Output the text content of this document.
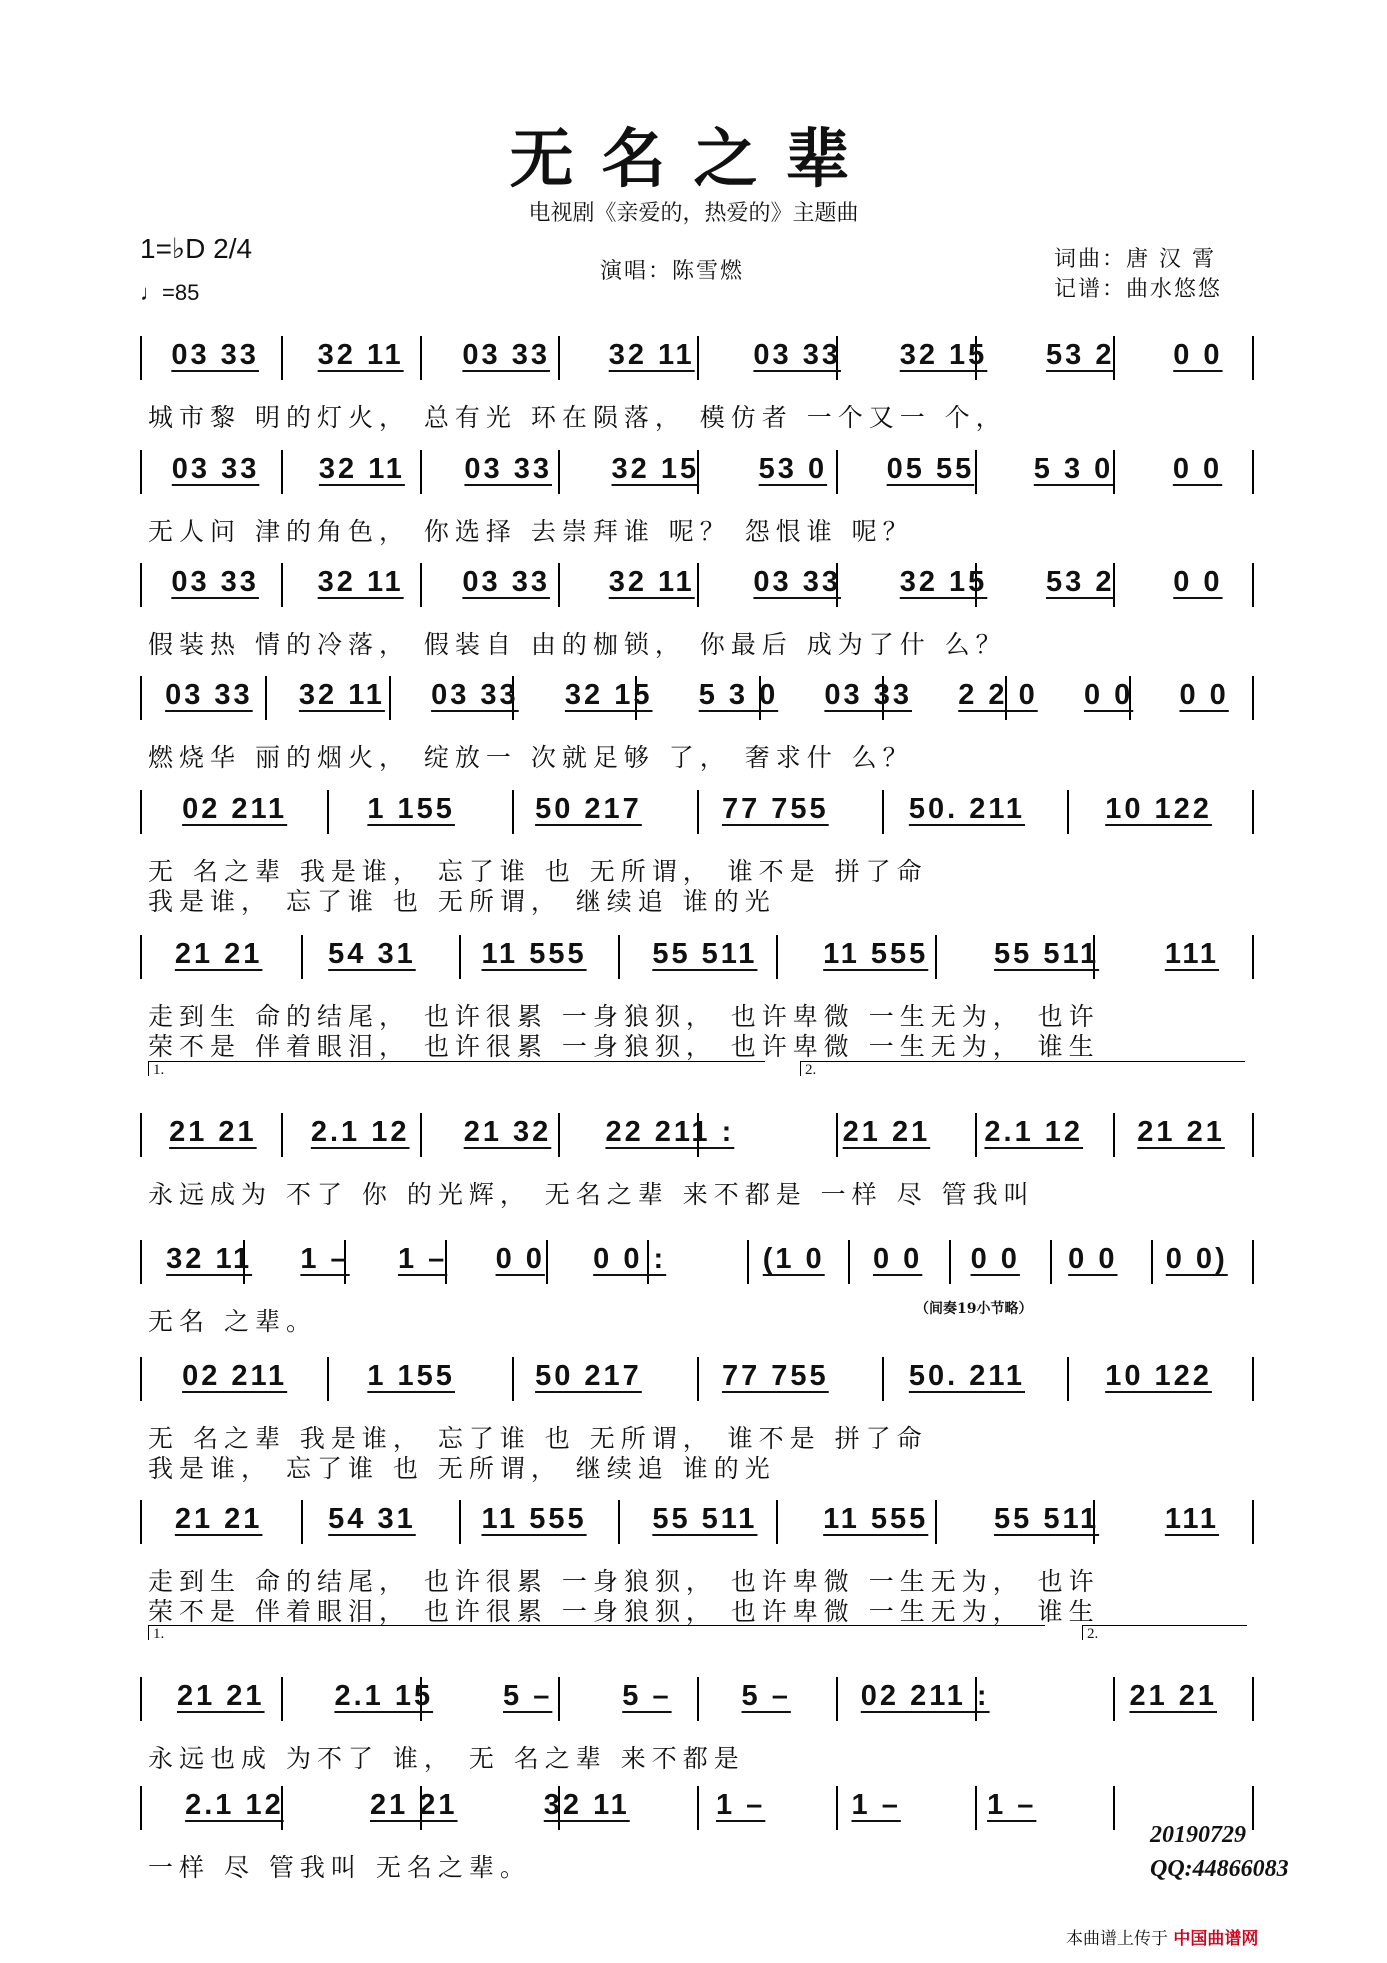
无名之辈
电视剧《亲爱的，热爱的》主题曲
1=♭D 2/4
♩=85
演唱：陈雪燃	词曲：唐 汉 霄
记谱：曲水悠悠
03 33 32 11 03 33 32 11 03 33 32 15 53 2 0 0
城市黎 明的灯火， 总有光 环在陨落， 模仿者 一个又一 个，
03 33 32 11 03 33 32 15 53 0 05 55 5 3 0 0 0
无人问 津的角色， 你选择 去崇拜谁 呢？ 怨恨谁 呢？
03 33 32 11 03 33 32 11 03 33 32 15 53 2 0 0
假装热 情的冷落， 假装自 由的枷锁， 你最后 成为了什 么？
03 33 32 11 03 33 32 15 5 3 0 03 33 2 2 0 0 0 0 0
燃烧华 丽的烟火， 绽放一 次就足够 了， 奢求什 么？
02 211	1 155	50 217	77 755	50. 211	10 122
无 名之辈 我是谁， 忘了谁 也 无所谓， 谁不是 拼了命
我是谁， 忘了谁 也 无所谓， 继续追 谁的光
21 21 54 31 11 555 55 511 11 555 55 511 111
走到生 命的结尾， 也许很累 一身狼狈， 也许卑微 一生无为， 也许
荣不是 伴着眼泪， 也许很累 一身狼狈， 也许卑微 一生无为， 谁生
21 21 2.1 12 21 32 22 211 :	21 21 2.1 12 21 21
永远成为 不了 你 的光辉， 无名之辈 来不都是 一样 尽 管我叫
1.	2.
32 11 1 – 1 – 0 0 0 0 :	(1 0 0 0 0 0 0 0 0 0)
无名 之辈。	（间奏19小节略）
02 211	1 155	50 217	77 755	50. 211	10 122
无 名之辈 我是谁， 忘了谁 也 无所谓， 谁不是 拼了命
我是谁， 忘了谁 也 无所谓， 继续追 谁的光
21 21 54 31 11 555 55 511 11 555 55 511 111
走到生 命的结尾， 也许很累 一身狼狈， 也许卑微 一生无为， 也许
荣不是 伴着眼泪， 也许很累 一身狼狈， 也许卑微 一生无为， 谁生
21 21 2.1 15 5 – 5 – 5 – 02 211 :	21 21
永远也成 为不了 谁， 无 名之辈 来不都是
1.	2.
2.1 12	21 21	32 11	1 –	1 –	1 –
一样 尽 管我叫 无名之辈。
20190729
QQ:44866083
本曲谱上传于 中国曲谱网
